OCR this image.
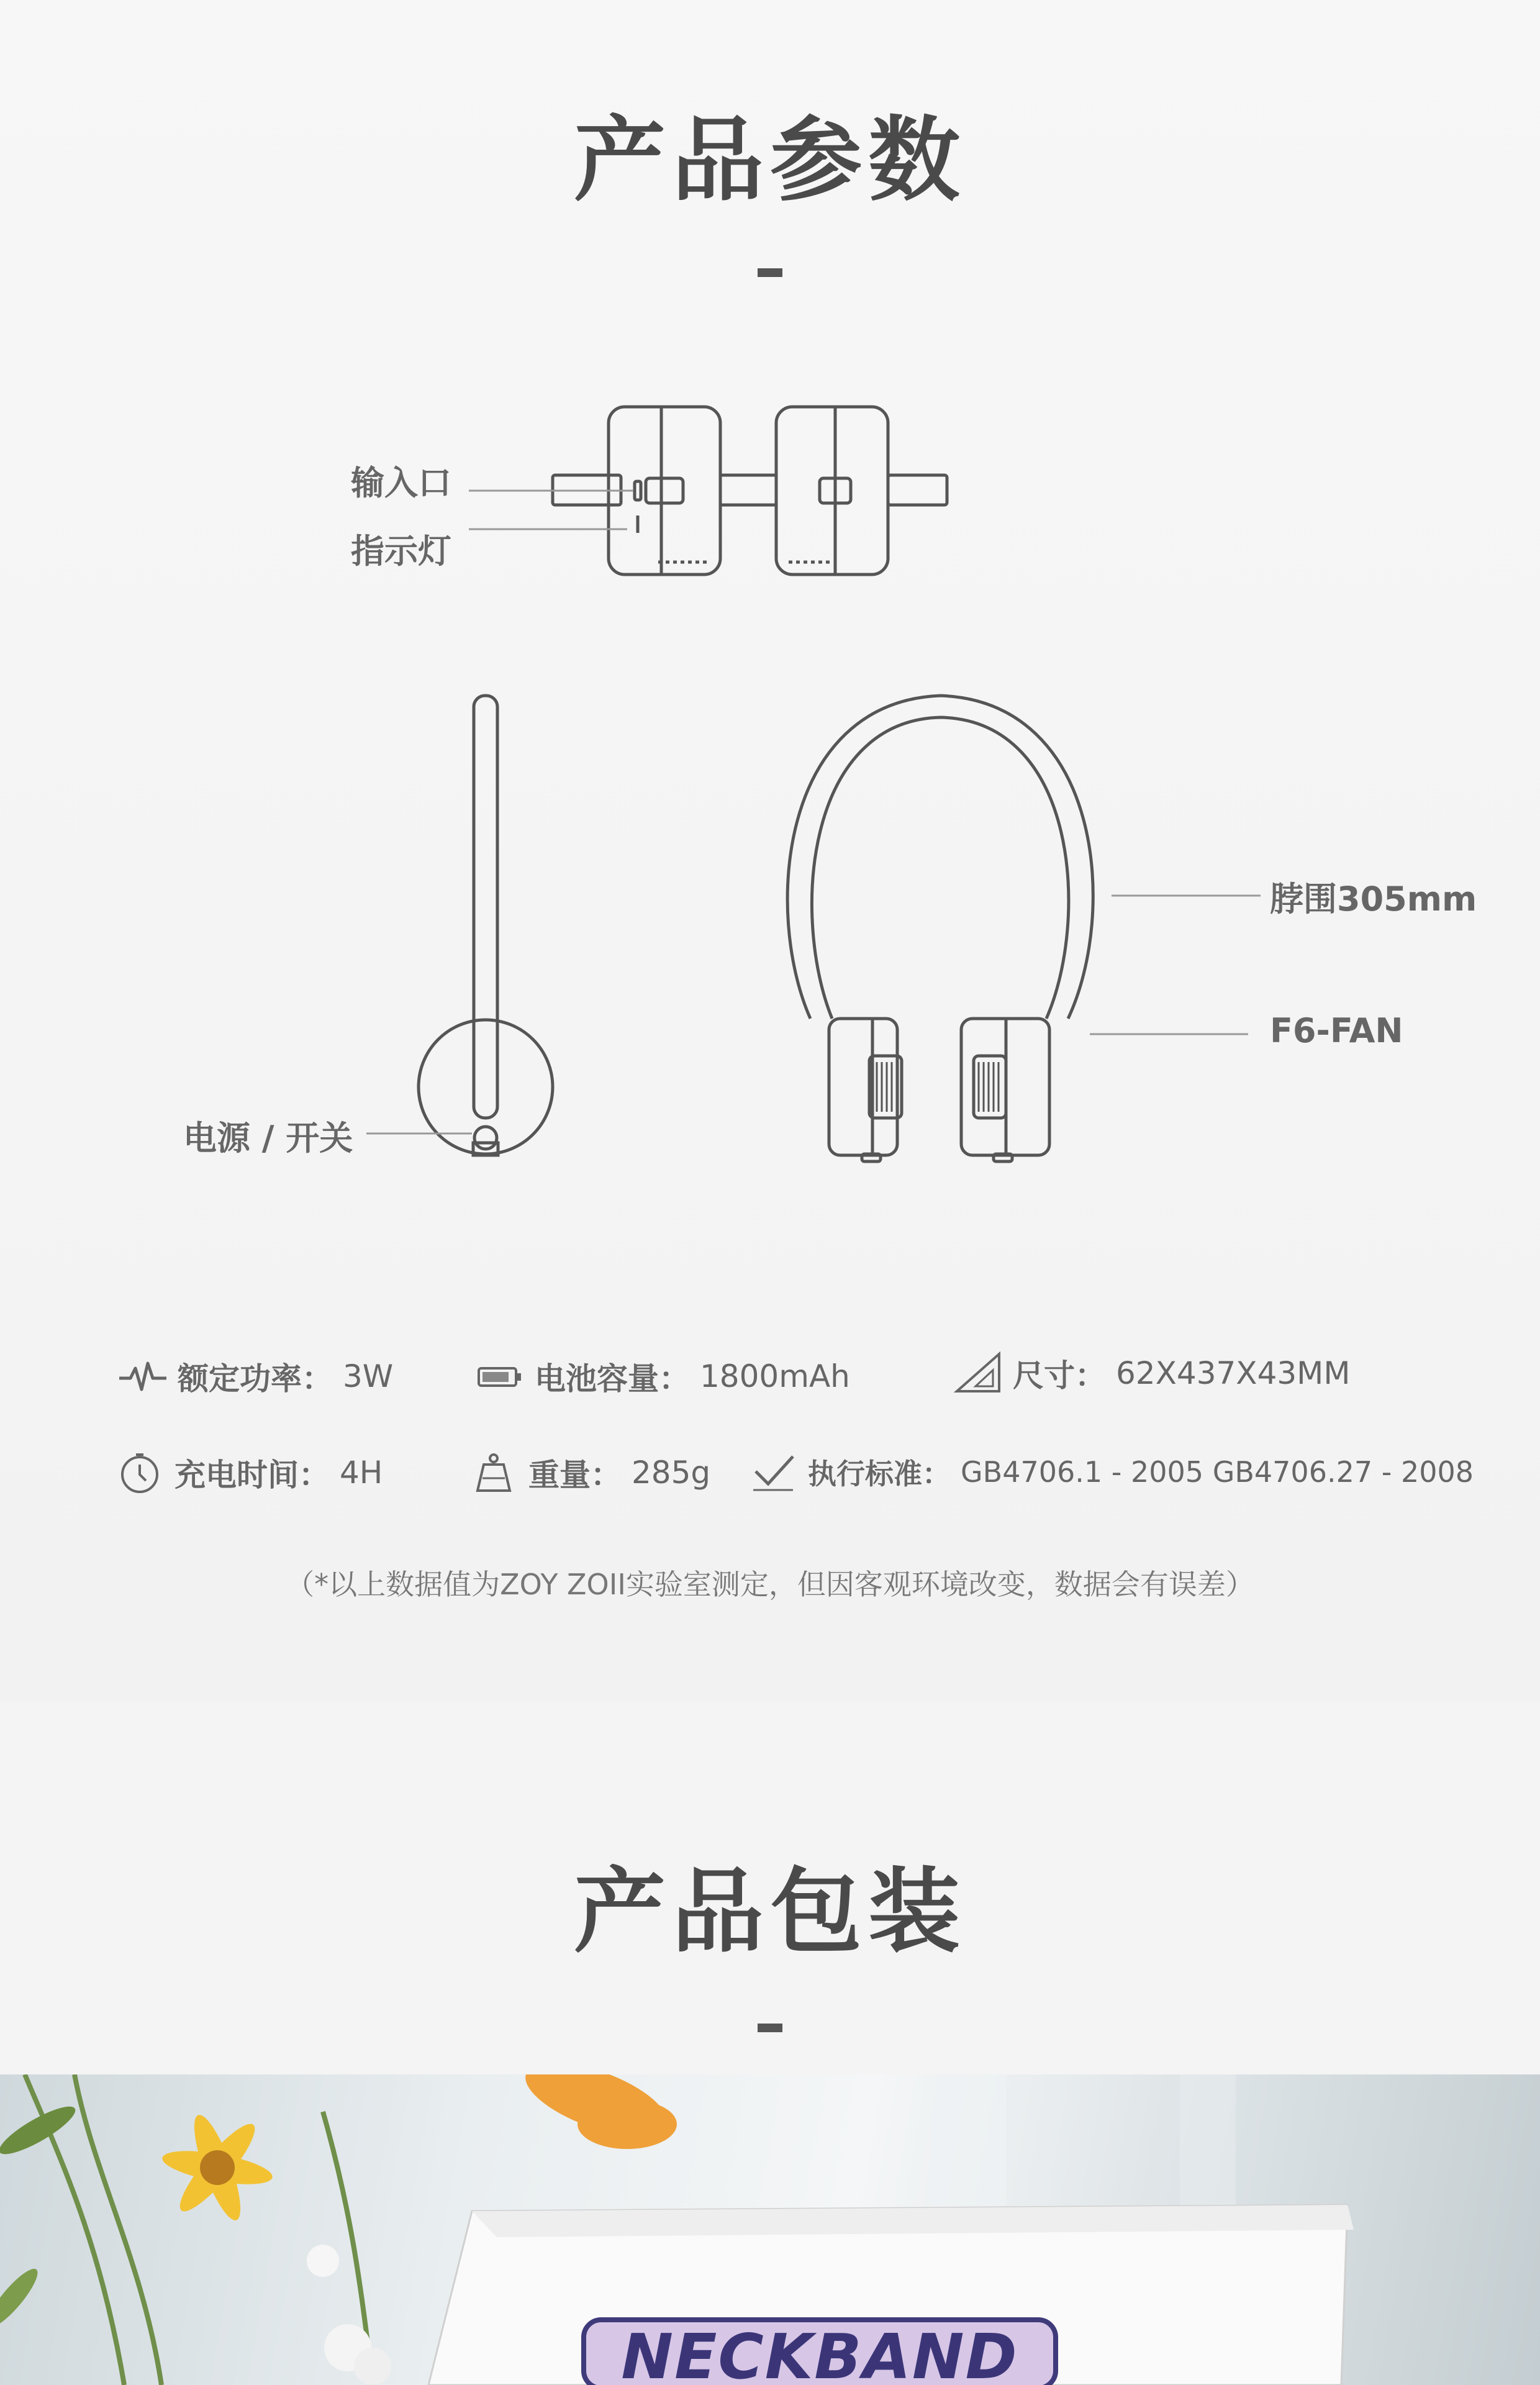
产品参数
输入口
指示灯
电源 / 开关
脖围305mm
F6-FAN
额定功率： 3W	电池容量： 1800mAh	尺寸： 62X437X43MM
充电时间： 4H	重量： 285g	执行标准： GB4706.1 - 2005 GB4706.27 - 2008
（*以上数据值为ZOY ZOII实验室测定，但因客观环境改变，数据会有误差）
产品包装
NECKBAND
